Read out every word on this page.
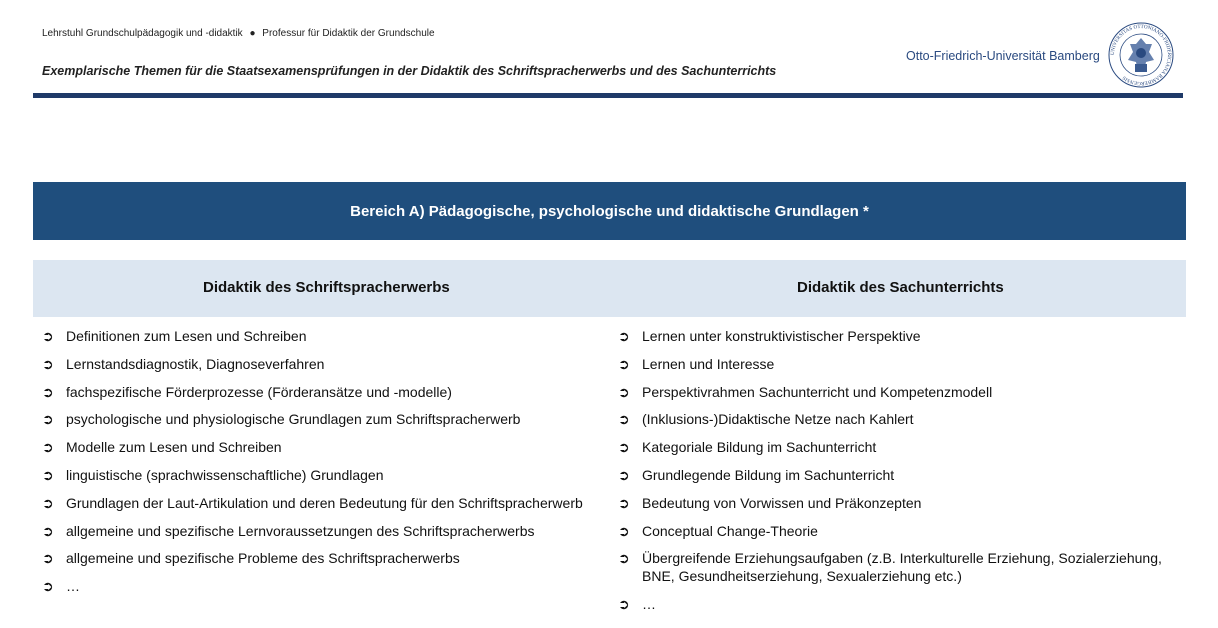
Lehrstuhl Grundschulpädagogik und -didaktik ● Professur für Didaktik der Grundschule
Exemplarische Themen für die Staatsexamensprüfungen in der Didaktik des Schriftspracherwerbs und des Sachunterrichts
Otto-Friedrich-Universität Bamberg UNIVERSITAS OTTONIANO-FRIDERICIANA BAMBERGENSIS
Bereich A) Pädagogische, psychologische und didaktische Grundlagen *
Didaktik des Schriftspracherwerbs	Didaktik des Sachunterrichts
➲ Definitionen zum Lesen und Schreiben
➲ Lernstandsdiagnostik, Diagnoseverfahren
➲ fachspezifische Förderprozesse (Förderansätze und -modelle)
➲ psychologische und physiologische Grundlagen zum Schriftspracherwerb
➲ Modelle zum Lesen und Schreiben
➲ linguistische (sprachwissenschaftliche) Grundlagen
➲ Grundlagen der Laut-Artikulation und deren Bedeutung für den Schriftspracherwerb
➲ allgemeine und spezifische Lernvoraussetzungen des Schriftspracherwerbs
➲ allgemeine und spezifische Probleme des Schriftspracherwerbs
➲ …
➲ Lernen unter konstruktivistischer Perspektive
➲ Lernen und Interesse
➲ Perspektivrahmen Sachunterricht und Kompetenzmodell
➲ (Inklusions-)Didaktische Netze nach Kahlert
➲ Kategoriale Bildung im Sachunterricht
➲ Grundlegende Bildung im Sachunterricht
➲ Bedeutung von Vorwissen und Präkonzepten
➲ Conceptual Change-Theorie
➲ Übergreifende Erziehungsaufgaben (z.B. Interkulturelle Erziehung, Sozialerziehung, BNE, Gesundheitserziehung, Sexualerziehung etc.)
➲ …
